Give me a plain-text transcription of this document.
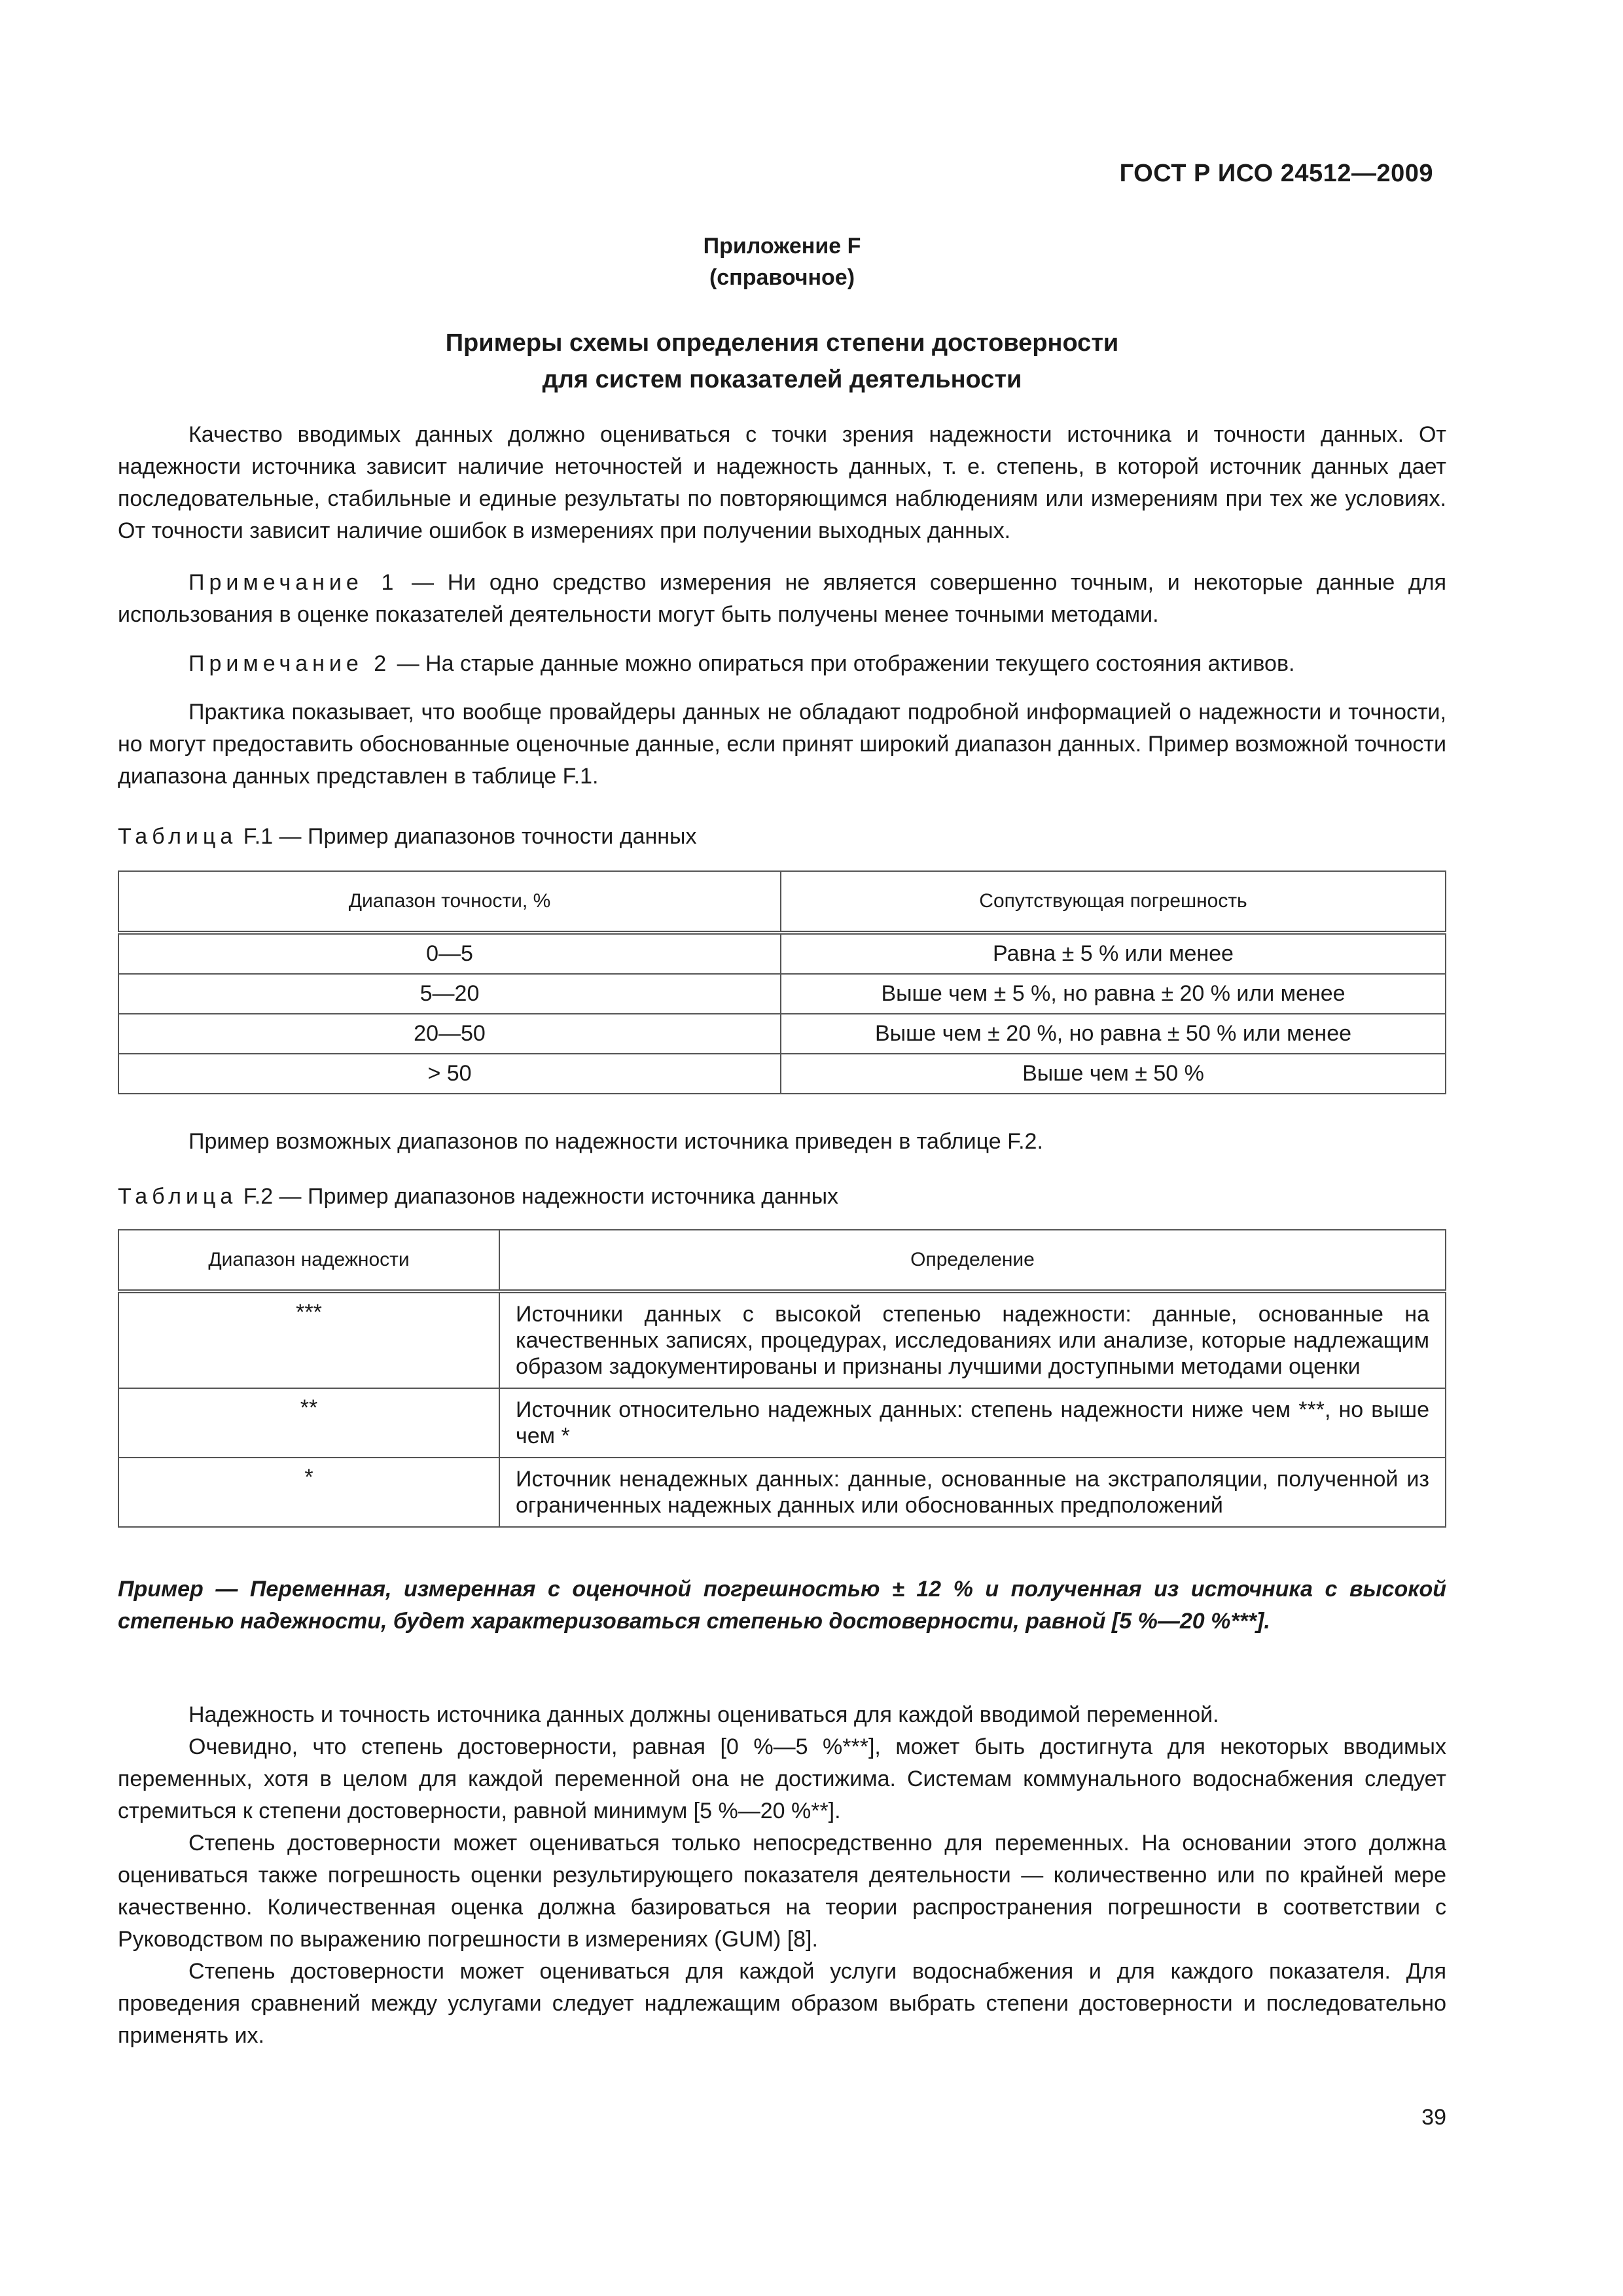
ГОСТ Р ИСО 24512—2009
Приложение F
(справочное)
Примеры схемы определения степени достоверности
для систем показателей деятельности

Качество вводимых данных должно оцениваться с точки зрения надежности источника и точности данных. От надежности источника зависит наличие неточностей и надежность данных, т. е. степень, в которой источник данных дает последовательные, стабильные и единые результаты по повторяющимся наблюдениям или измерениям при тех же условиях. От точности зависит наличие ошибок в измерениях при получении выходных данных.

Примечание 1 — Ни одно средство измерения не является совершенно точным, и некоторые данные для использования в оценке показателей деятельности могут быть получены менее точными методами.

Примечание 2 — На старые данные можно опираться при отображении текущего состояния активов.

Практика показывает, что вообще провайдеры данных не обладают подробной информацией о надежности и точности, но могут предоставить обоснованные оценочные данные, если принят широкий диапазон данных. Пример возможной точности диапазона данных представлен в таблице F.1.

Таблица F.1 — Пример диапазонов точности данных
Диапазон точности, %	Сопутствующая погрешность
0—5	Равна ± 5 % или менее
5—20	Выше чем ± 5 %, но равна ± 20 % или менее
20—50	Выше чем ± 20 %, но равна ± 50 % или менее
> 50	Выше чем ± 50 %

Пример возможных диапазонов по надежности источника приведен в таблице F.2.

Таблица F.2 — Пример диапазонов надежности источника данных
Диапазон надежности	Определение
***	Источники данных с высокой степенью надежности: данные, основанные на качественных записях, процедурах, исследованиях или анализе, которые надлежащим образом задокументированы и признаны лучшими доступными методами оценки
**	Источник относительно надежных данных: степень надежности ниже чем ***, но выше чем *
*	Источник ненадежных данных: данные, основанные на экстраполяции, полученной из ограниченных надежных данных или обоснованных предположений

Пример — Переменная, измеренная с оценочной погрешностью ± 12 % и полученная из источника с высокой степенью надежности, будет характеризоваться степенью достоверности, равной [5 %—20 %***].

Надежность и точность источника данных должны оцениваться для каждой вводимой переменной.

Очевидно, что степень достоверности, равная [0 %—5 %***], может быть достигнута для некоторых вводимых переменных, хотя в целом для каждой переменной она не достижима. Системам коммунального водоснабжения следует стремиться к степени достоверности, равной минимум [5 %—20 %**].

Степень достоверности может оцениваться только непосредственно для переменных. На основании этого должна оцениваться также погрешность оценки результирующего показателя деятельности — количественно или по крайней мере качественно. Количественная оценка должна базироваться на теории распространения погрешности в соответствии с Руководством по выражению погрешности в измерениях (GUM) [8].

Степень достоверности может оцениваться для каждой услуги водоснабжения и для каждого показателя. Для проведения сравнений между услугами следует надлежащим образом выбрать степени достоверности и последовательно применять их.

39
